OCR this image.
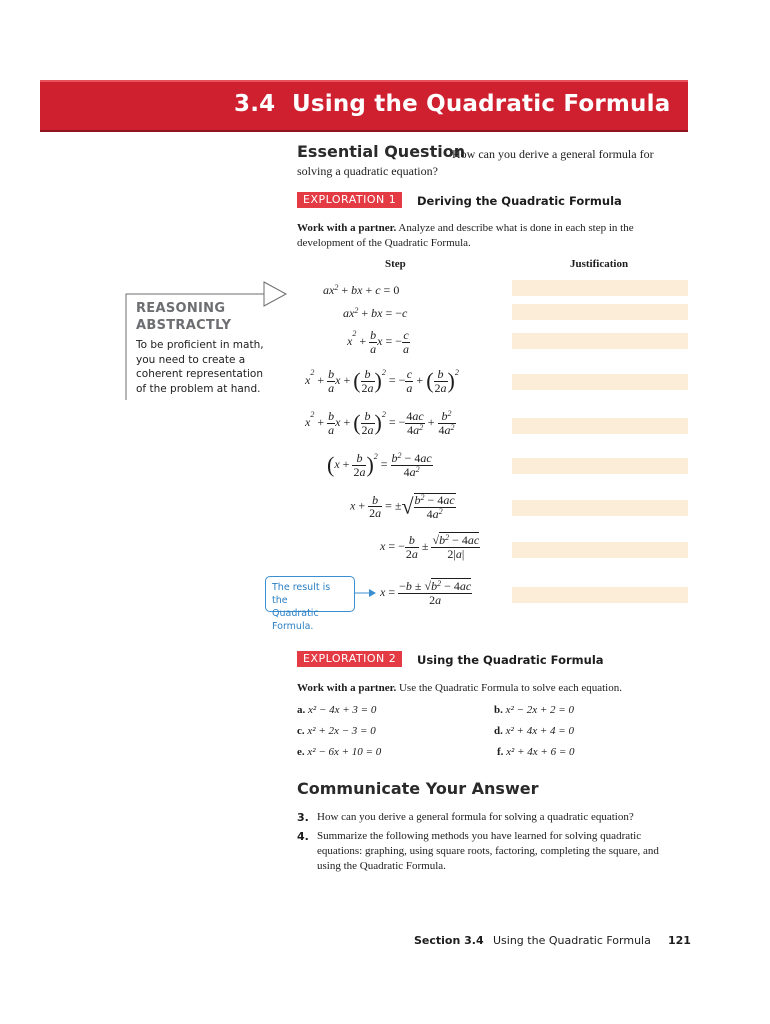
3.4 Using the Quadratic Formula
Essential Question
How can you derive a general formula for
solving a quadratic equation?
EXPLORATION 1	Deriving the Quadratic Formula
Work with a partner. Analyze and describe what is done in each step in the
development of the Quadratic Formula.
Step	Justification
$ax^2$ + bx + c = 0
$ax^2$ + bx = −c
$x^2 + \frac{b}{a}$ x = − $\frac{c}{a}$
$x^2 + \frac{b}{a}$ x + ( $\frac{b}{2a} )^2$ = − $\frac{c}{a}$ + ( $\frac{b}{2a} )^2$
$x^2 + \frac{b}{a}$ x + ( $\frac{b}{2a} )^2$ = − $\frac{4ac}{4a^2} + \frac{b^2}{4a^2}$
$(x + \frac{b}{2a} )^2 = \frac{b^2 - 4ac}{4a^2}$
$x + \frac{b}{2a}$ = ±√ $\frac{b^2 - 4ac}{4a^2}$
x = − $\frac{b}{2a} \pm \frac{√b^2 - 4ac}{2|a|}$
$x = \frac{-b \pm √b^2 - 4ac}{2a}$
REASONING
ABSTRACTLY
To be proficient in math,
you need to create a
coherent representation
of the problem at hand.
The result is the
Quadratic Formula.
EXPLORATION 2	Using the Quadratic Formula
Work with a partner. Use the Quadratic Formula to solve each equation.
a. x² − 4x + 3 = 0	b. x² − 2x + 2 = 0
c. x² + 2x − 3 = 0	d. x² + 4x + 4 = 0
e. x² − 6x + 10 = 0	f. x² + 4x + 6 = 0
Communicate Your Answer
3. How can you derive a general formula for solving a quadratic equation?
4. Summarize the following methods you have learned for solving quadratic equations: graphing, using square roots, factoring, completing the square, and using the Quadratic Formula.
Section 3.4 Using the Quadratic Formula 121
